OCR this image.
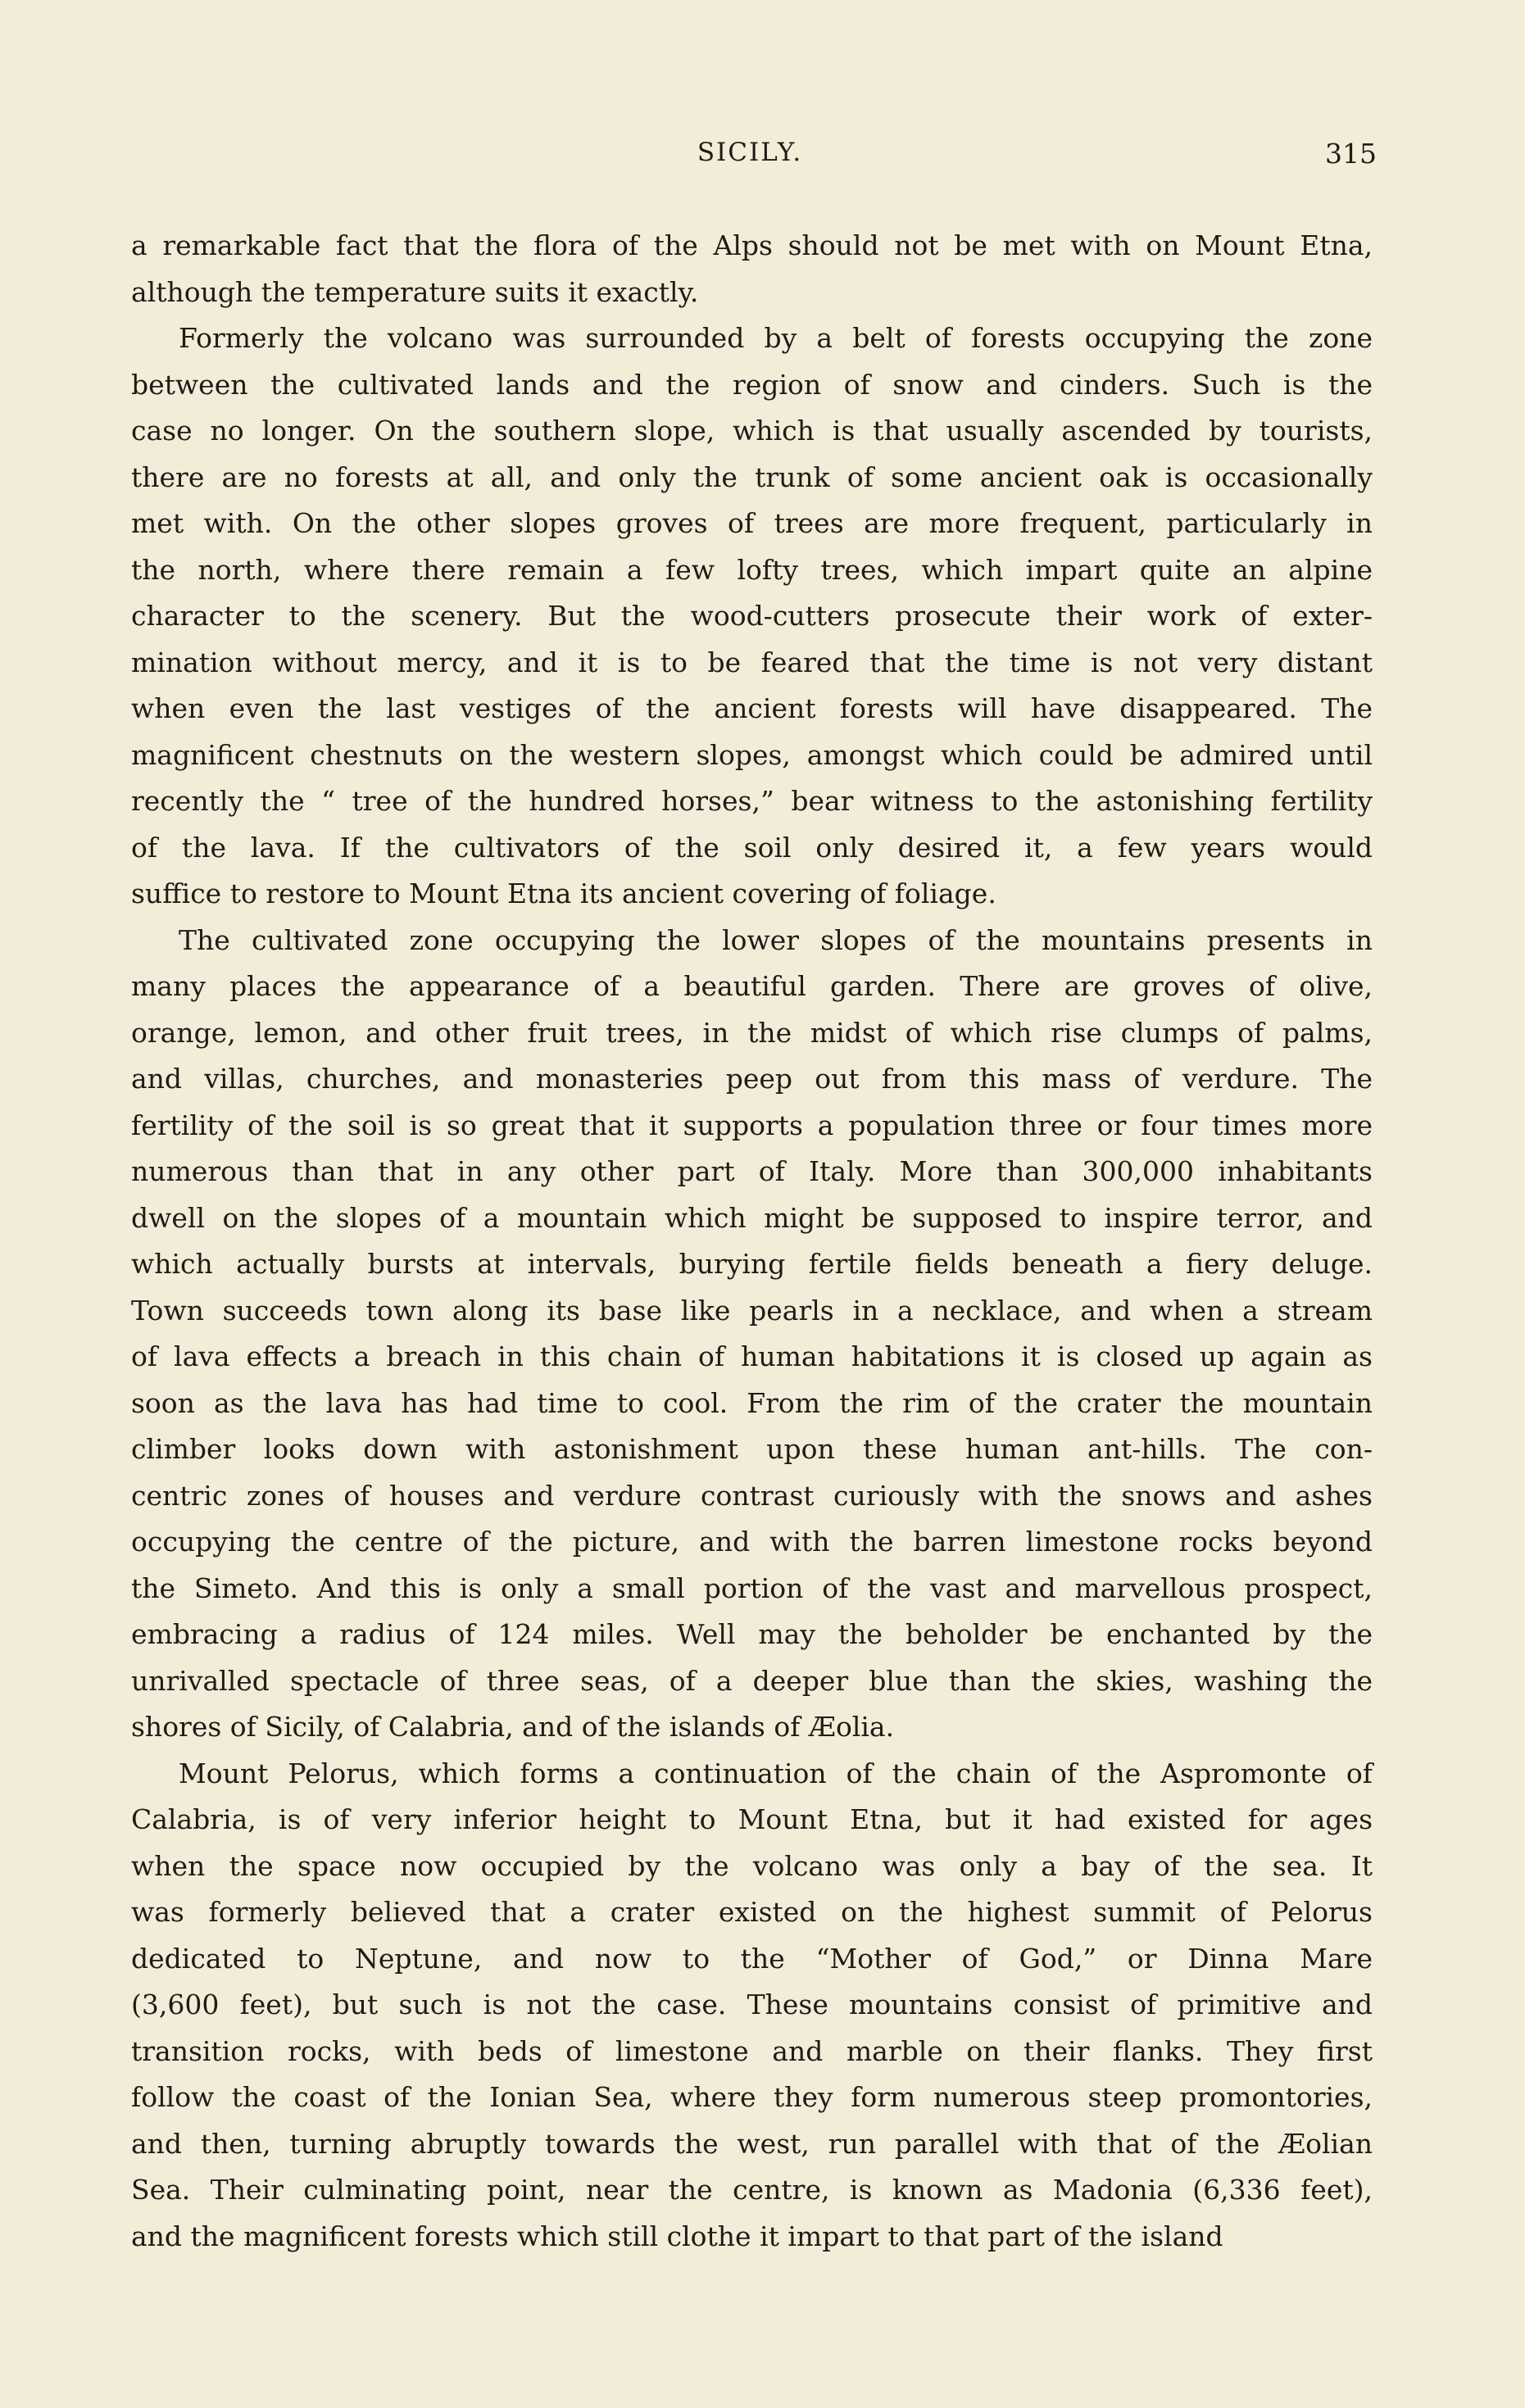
SICILY.	315
a remarkable fact that the flora of the Alps should not be met with on Mount Etna,
although the temperature suits it exactly.
Formerly the volcano was surrounded by a belt of forests occupying the zone
between the cultivated lands and the region of snow and cinders. Such is the
case no longer. On the southern slope, which is that usually ascended by tourists,
there are no forests at all, and only the trunk of some ancient oak is occasionally
met with. On the other slopes groves of trees are more frequent, particularly in
the north, where there remain a few lofty trees, which impart quite an alpine
character to the scenery. But the wood-cutters prosecute their work of exter-
mination without mercy, and it is to be feared that the time is not very distant
when even the last vestiges of the ancient forests will have disappeared. The
magnificent chestnuts on the western slopes, amongst which could be admired until
recently the “ tree of the hundred horses,” bear witness to the astonishing fertility
of the lava. If the cultivators of the soil only desired it, a few years would
suffice to restore to Mount Etna its ancient covering of foliage.
The cultivated zone occupying the lower slopes of the mountains presents in
many places the appearance of a beautiful garden. There are groves of olive,
orange, lemon, and other fruit trees, in the midst of which rise clumps of palms,
and villas, churches, and monasteries peep out from this mass of verdure. The
fertility of the soil is so great that it supports a population three or four times more
numerous than that in any other part of Italy. More than 300,000 inhabitants
dwell on the slopes of a mountain which might be supposed to inspire terror, and
which actually bursts at intervals, burying fertile fields beneath a fiery deluge.
Town succeeds town along its base like pearls in a necklace, and when a stream
of lava effects a breach in this chain of human habitations it is closed up again as
soon as the lava has had time to cool. From the rim of the crater the mountain
climber looks down with astonishment upon these human ant-hills. The con-
centric zones of houses and verdure contrast curiously with the snows and ashes
occupying the centre of the picture, and with the barren limestone rocks beyond
the Simeto. And this is only a small portion of the vast and marvellous prospect,
embracing a radius of 124 miles. Well may the beholder be enchanted by the
unrivalled spectacle of three seas, of a deeper blue than the skies, washing the
shores of Sicily, of Calabria, and of the islands of Æolia.
Mount Pelorus, which forms a continuation of the chain of the Aspromonte of
Calabria, is of very inferior height to Mount Etna, but it had existed for ages
when the space now occupied by the volcano was only a bay of the sea. It
was formerly believed that a crater existed on the highest summit of Pelorus
dedicated to Neptune, and now to the “Mother of God,” or Dinna Mare
(3,600 feet), but such is not the case. These mountains consist of primitive and
transition rocks, with beds of limestone and marble on their flanks. They first
follow the coast of the Ionian Sea, where they form numerous steep promontories,
and then, turning abruptly towards the west, run parallel with that of the Æolian
Sea. Their culminating point, near the centre, is known as Madonia (6,336 feet),
and the magnificent forests which still clothe it impart to that part of the island
